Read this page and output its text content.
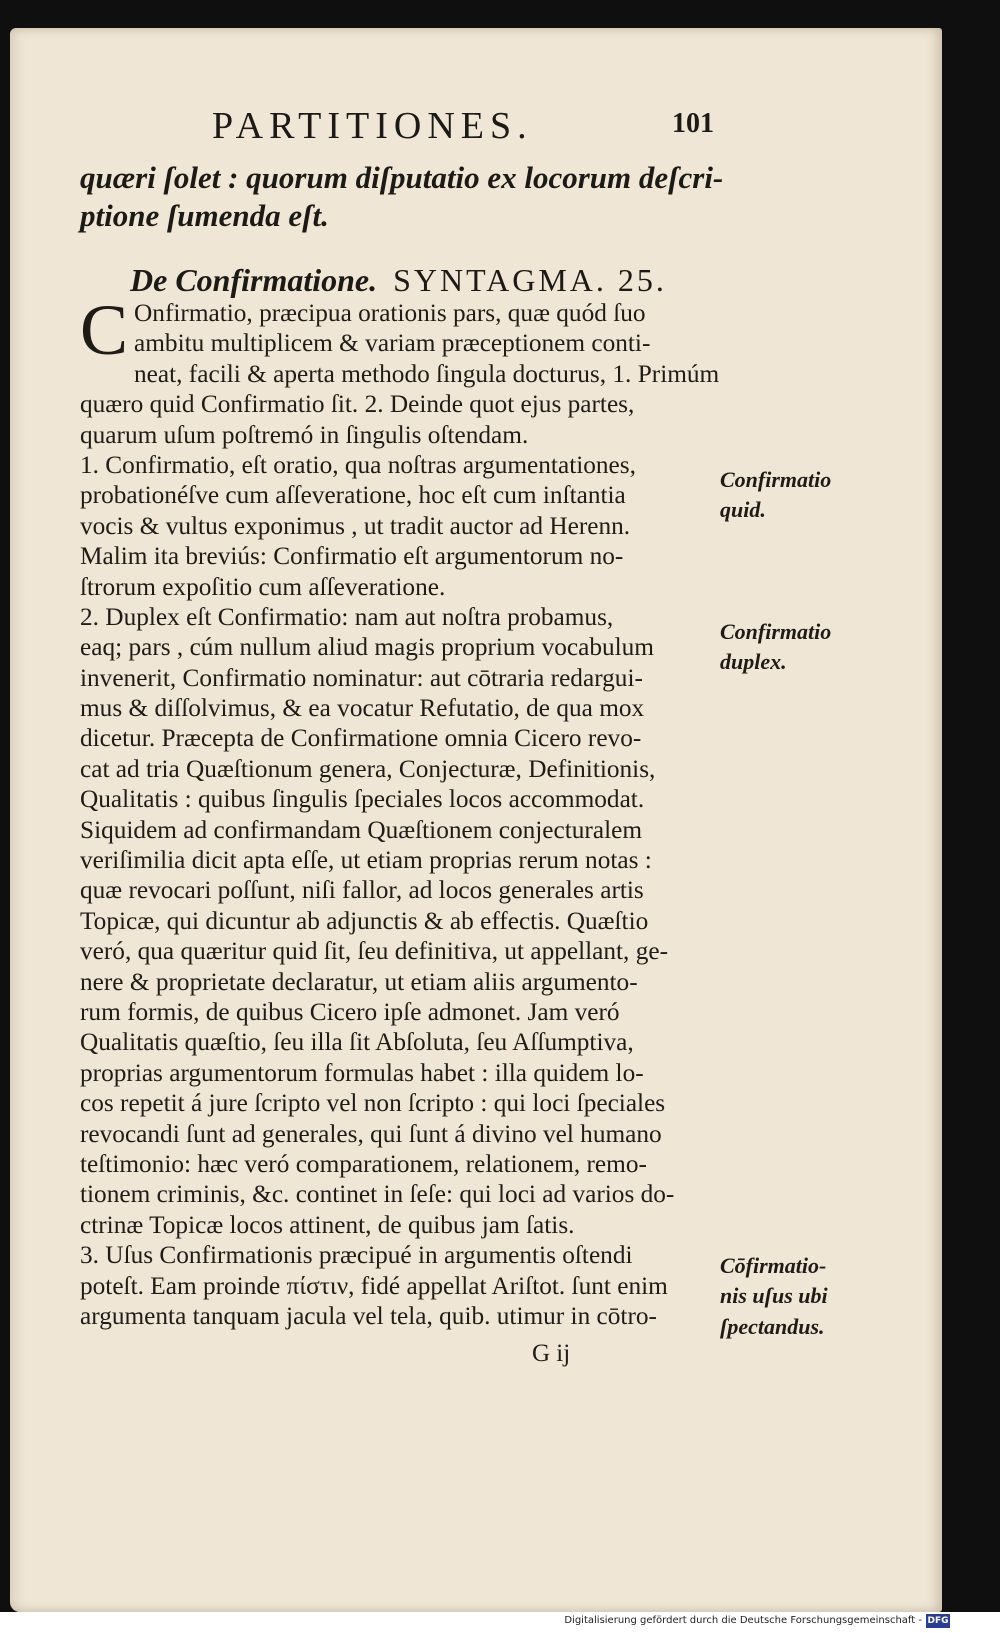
PARTITIONES.	101
quæri ſolet : quorum diſputatio ex locorum deſcri-
ptione ſumenda eſt.
De Confirmatione. SYNTAGMA. 25.
C Onfirmatio, præcipua orationis pars, quæ quód ſuo
ambitu multiplicem & variam præceptionem conti-
neat, facili & aperta methodo ſingula docturus, 1. Primúm
quæro quid Confirmatio ſit. 2. Deinde quot ejus partes,
quarum uſum poſtremó in ſingulis oſtendam.
1. Confirmatio, eſt oratio, qua noſtras argumentationes,
probationéſve cum aſſeveratione, hoc eſt cum inſtantia
vocis & vultus exponimus , ut tradit auctor ad Herenn.
Malim ita breviús: Confirmatio eſt argumentorum no-
ſtrorum expoſitio cum aſſeveratione.
2. Duplex eſt Confirmatio: nam aut noſtra probamus,
eaq; pars , cúm nullum aliud magis proprium vocabulum
invenerit, Confirmatio nominatur: aut cōtraria redargui-
mus & diſſolvimus, & ea vocatur Refutatio, de qua mox
dicetur. Præcepta de Confirmatione omnia Cicero revo-
cat ad tria Quæſtionum genera, Conjecturæ, Definitionis,
Qualitatis : quibus ſingulis ſpeciales locos accommodat.
Siquidem ad confirmandam Quæſtionem conjecturalem
veriſimilia dicit apta eſſe, ut etiam proprias rerum notas :
quæ revocari poſſunt, niſi fallor, ad locos generales artis
Topicæ, qui dicuntur ab adjunctis & ab effectis. Quæſtio
veró, qua quæritur quid ſit, ſeu definitiva, ut appellant, ge-
nere & proprietate declaratur, ut etiam aliis argumento-
rum formis, de quibus Cicero ipſe admonet. Jam veró
Qualitatis quæſtio, ſeu illa ſit Abſoluta, ſeu Aſſumptiva,
proprias argumentorum formulas habet : illa quidem lo-
cos repetit á jure ſcripto vel non ſcripto : qui loci ſpeciales
revocandi ſunt ad generales, qui ſunt á divino vel humano
teſtimonio: hæc veró comparationem, relationem, remo-
tionem criminis, &c. continet in ſeſe: qui loci ad varios do-
ctrinæ Topicæ locos attinent, de quibus jam ſatis.
3. Uſus Confirmationis præcipué in argumentis oſtendi
poteſt. Eam proinde πίστιν, fidé appellat Ariſtot. ſunt enim
argumenta tanquam jacula vel tela, quib. utimur in cōtro-
Confirmatio
quid.
Confirmatio
duplex.
Cōfirmatio-
nis uſus ubi
ſpectandus.
G ij
Digitalisierung gefördert durch die Deutsche Forschungsgemeinschaft - DFG
